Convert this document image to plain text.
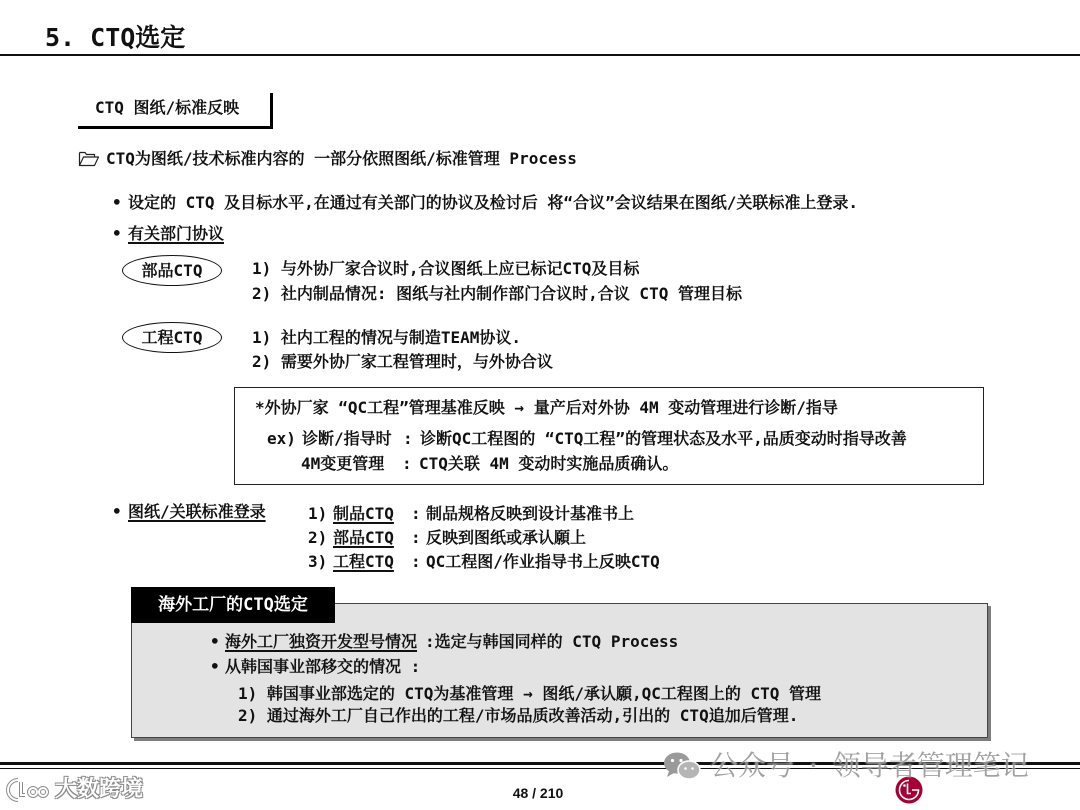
5. CTQ选定
CTQ 图纸/标准反映
CTQ为图纸/技术标准内容的 一部分依照图纸/标准管理 Process
• 设定的 CTQ 及目标水平,在通过有关部门的协议及检讨后 将“合议”会议结果在图纸/关联标准上登录.
• 有关部门协议
部品CTQ	1) 与外协厂家合议时,合议图纸上应已标记CTQ及目标
2) 社内制品情况: 图纸与社内制作部门合议时,合议 CTQ 管理目标
工程CTQ	1) 社内工程的情况与制造TEAM协议.
2) 需要外协厂家工程管理时，与外协合议
*外协厂家 “QC工程”管理基准反映 → 量产后对外协 4M 变动管理进行诊断/指导
ex) 诊断/指导时 : 诊断QC工程图的 “CTQ工程”的管理状态及水平,品质变动时指导改善
4M变更管理 : CTQ关联 4M 变动时实施品质确认。
• 图纸/关联标准登录	1) 制品CTQ : 制品规格反映到设计基准书上
2) 部品CTQ : 反映到图纸或承认願上
3) 工程CTQ : QC工程图/作业指导书上反映CTQ
• 海外工厂独资开发型号情况 :选定与韩国同样的 CTQ Process
• 从韩国事业部移交的情况 :
1) 韩国事业部选定的 CTQ为基准管理 → 图纸/承认願,QC工程图上的 CTQ 管理
2) 通过海外工厂自己作出的工程/市场品质改善活动,引出的 CTQ追加后管理.
海外工厂的CTQ选定
48 / 210
公众号 · 领导者管理笔记
大数跨境
